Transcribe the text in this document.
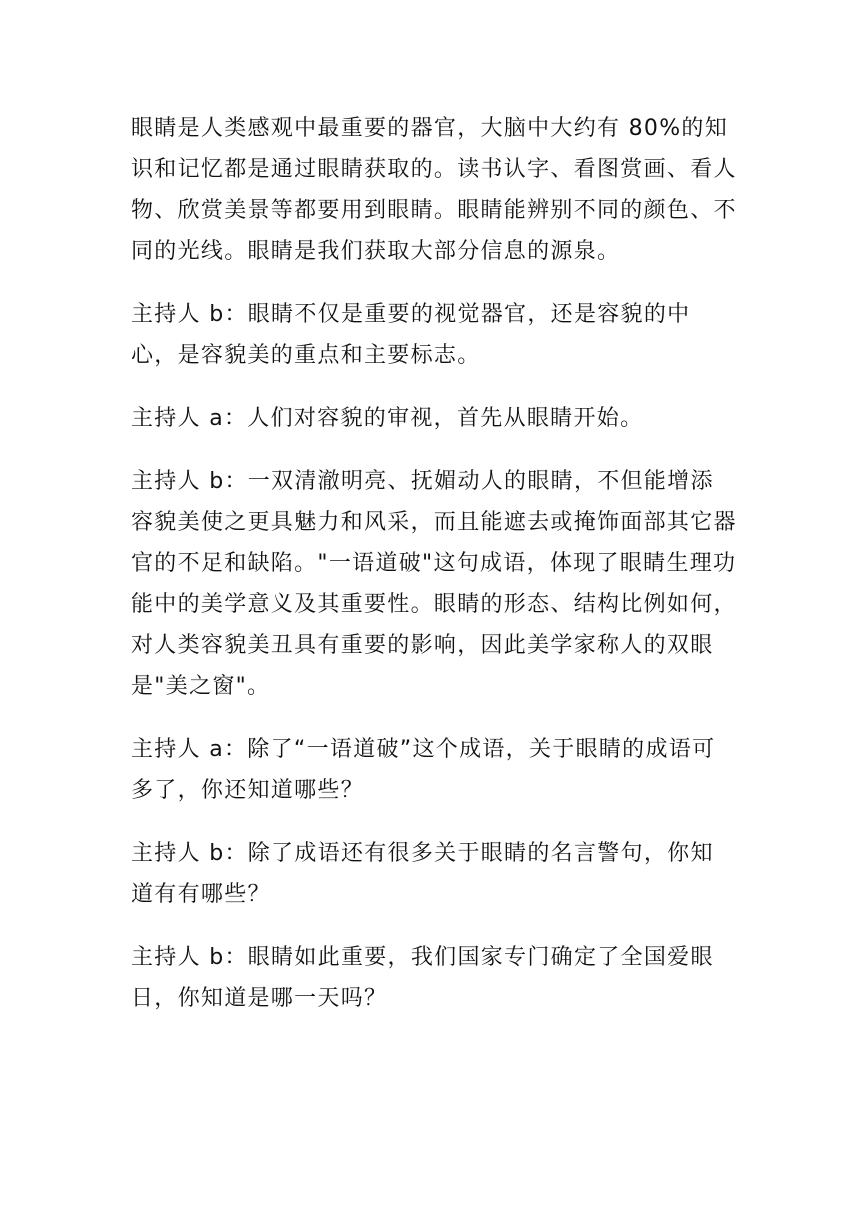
眼睛是人类感观中最重要的器官，大脑中大约有 80%的知识和记忆都是通过眼睛获取的。读书认字、看图赏画、看人物、欣赏美景等都要用到眼睛。眼睛能辨别不同的颜色、不同的光线。眼睛是我们获取大部分信息的源泉。

主持人 b：眼睛不仅是重要的视觉器官，还是容貌的中心，是容貌美的重点和主要标志。

主持人 a：人们对容貌的审视，首先从眼睛开始。

主持人 b：一双清澈明亮、抚媚动人的眼睛，不但能增添容貌美使之更具魅力和风采，而且能遮去或掩饰面部其它器官的不足和缺陷。"一语道破"这句成语，体现了眼睛生理功能中的美学意义及其重要性。眼睛的形态、结构比例如何，对人类容貌美丑具有重要的影响，因此美学家称人的双眼是"美之窗"。

主持人 a：除了“一语道破”这个成语，关于眼睛的成语可多了，你还知道哪些？

主持人 b：除了成语还有很多关于眼睛的名言警句，你知道有有哪些？

主持人 b：眼睛如此重要，我们国家专门确定了全国爱眼日，你知道是哪一天吗？
